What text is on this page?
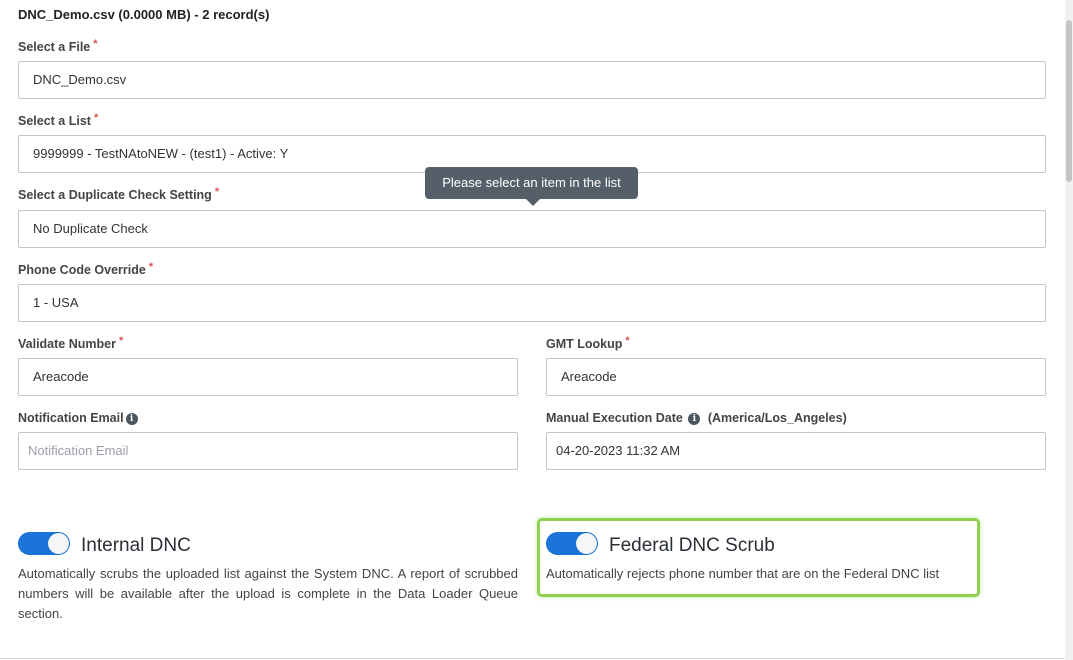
DNC_Demo.csv (0.0000 MB) - 2 record(s)
Select a File *
DNC_Demo.csv
Select a List *
9999999 - TestNAtoNEW - (test1) - Active: Y
Select a Duplicate Check Setting *
No Duplicate Check
Phone Code Override *
1 - USA
Validate Number *
Areacode
GMT Lookup *
Areacode
Notification Email i
Notification Email
Manual Execution Date i (America/Los_Angeles)
04-20-2023 11:32 AM
Please select an item in the list
Internal DNC
Automatically scrubs the uploaded list against the System DNC. A report of scrubbed numbers will be available after the upload is complete in the Data Loader Queue section.
Federal DNC Scrub
Automatically rejects phone number that are on the Federal DNC list
